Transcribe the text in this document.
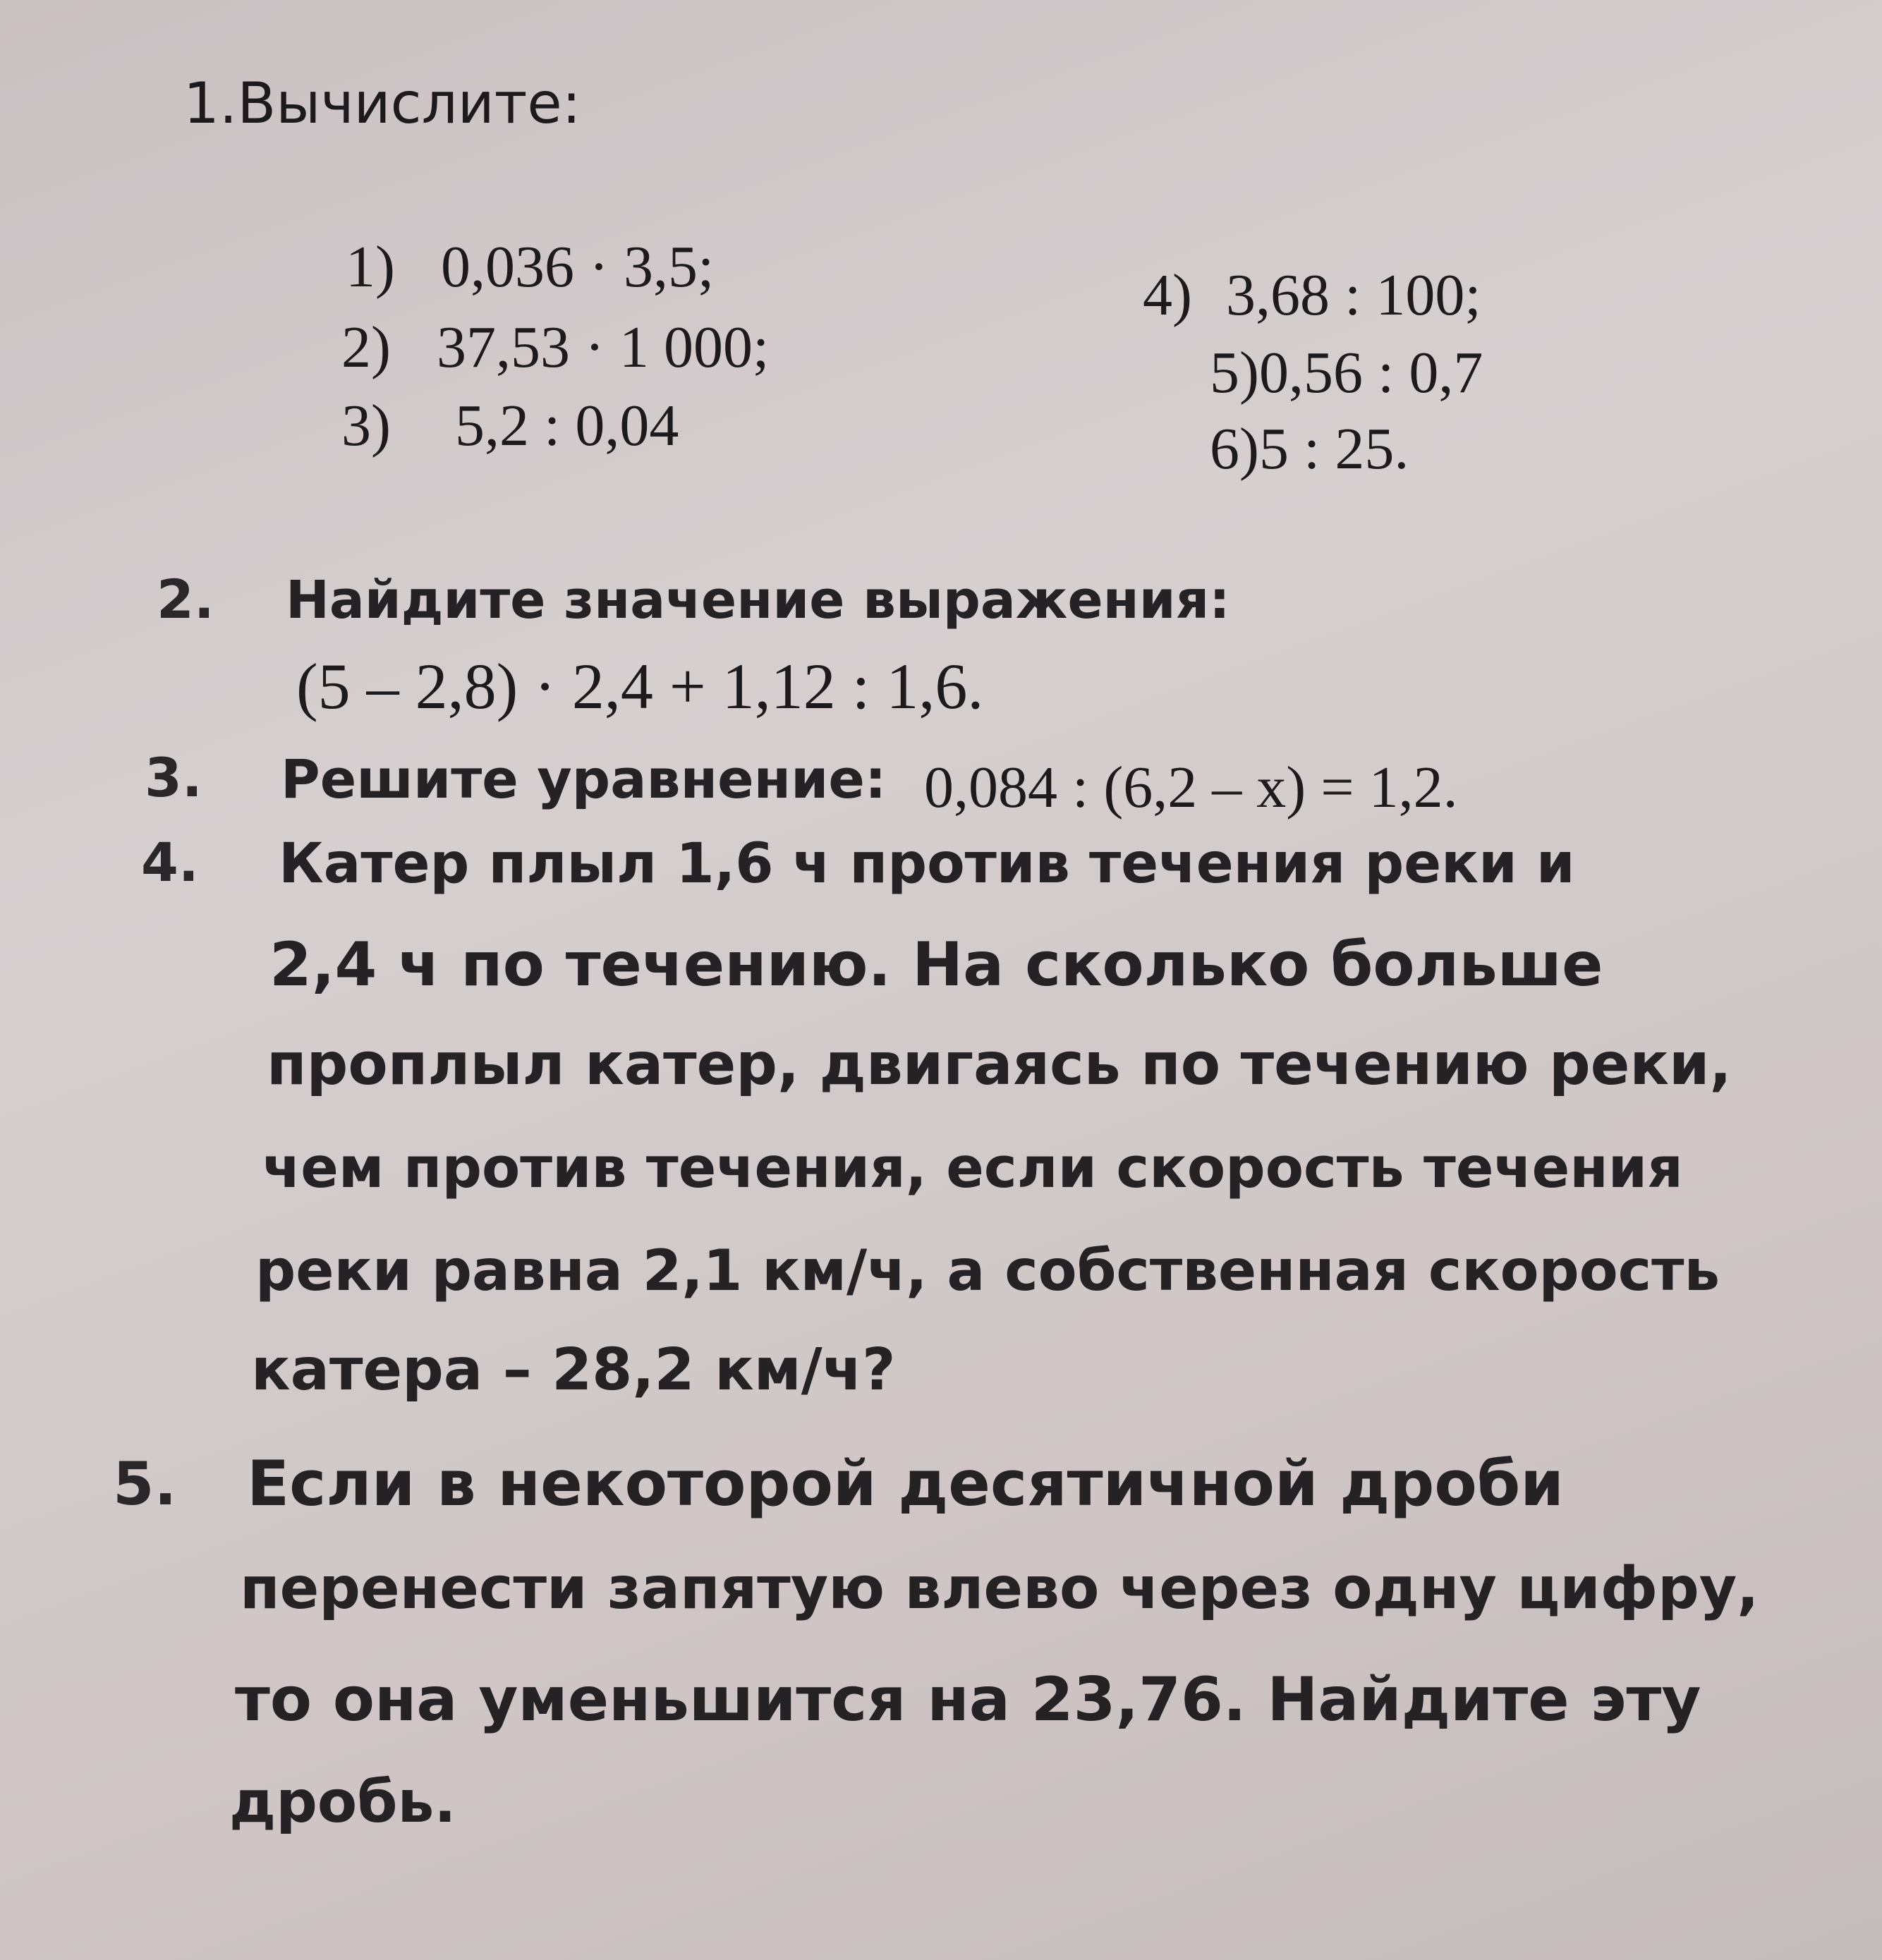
1.Вычислите:
1) 0,036 · 3,5;
2) 37,53 · 1 000;
3) 5,2 : 0,04
4) 3,68 : 100;
5)0,56 : 0,7
6)5 : 25.
2. Найдите значение выражения:
(5 – 2,8) · 2,4 + 1,12 : 1,6.
3. Решите уравнение: 0,084 : (6,2 – x) = 1,2.
4. Катер плыл 1,6 ч против течения реки и
2,4 ч по течению. На сколько больше
проплыл катер, двигаясь по течению реки,
чем против течения, если скорость течения
реки равна 2,1 км/ч, а собственная скорость
катера – 28,2 км/ч?
5. Если в некоторой десятичной дроби
перенести запятую влево через одну цифру,
то она уменьшится на 23,76. Найдите эту
дробь.
